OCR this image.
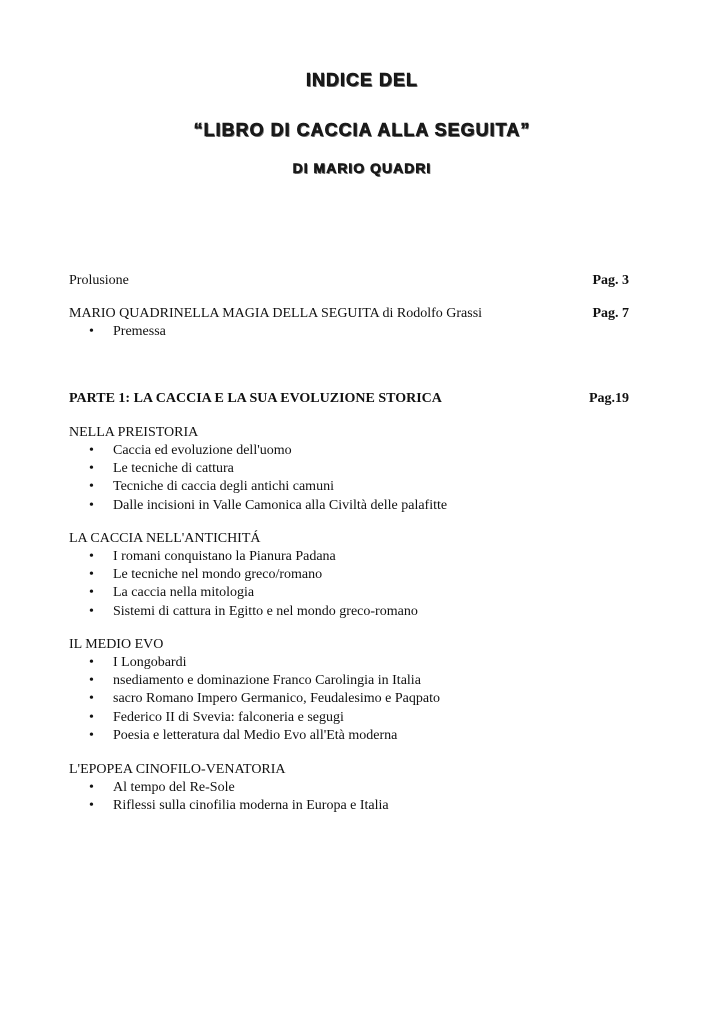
INDICE DEL
“LIBRO DI CACCIA ALLA SEGUITA”
DI MARIO QUADRI
Prolusione	Pag. 3
MARIO QUADRINELLA MAGIA DELLA SEGUITA di Rodolfo Grassi	Pag. 7
• Premessa
PARTE 1: LA CACCIA E LA SUA EVOLUZIONE STORICA	Pag.19
NELLA PREISTORIA
• Caccia ed evoluzione dell'uomo
• Le tecniche di cattura
• Tecniche di caccia degli antichi camuni
• Dalle incisioni in Valle Camonica alla Civiltà delle palafitte
LA CACCIA NELL'ANTICHITÁ
• I romani conquistano la Pianura Padana
• Le tecniche nel mondo greco/romano
• La caccia nella mitologia
• Sistemi di cattura in Egitto e nel mondo greco-romano
IL MEDIO EVO
• I Longobardi
• nsediamento e dominazione Franco Carolingia in Italia
• sacro Romano Impero Germanico, Feudalesimo e Paqpato
• Federico II di Svevia: falconeria e segugi
• Poesia e letteratura dal Medio Evo all'Età moderna
L'EPOPEA CINOFILO-VENATORIA
• Al tempo del Re-Sole
• Riflessi sulla cinofilia moderna in Europa e Italia
